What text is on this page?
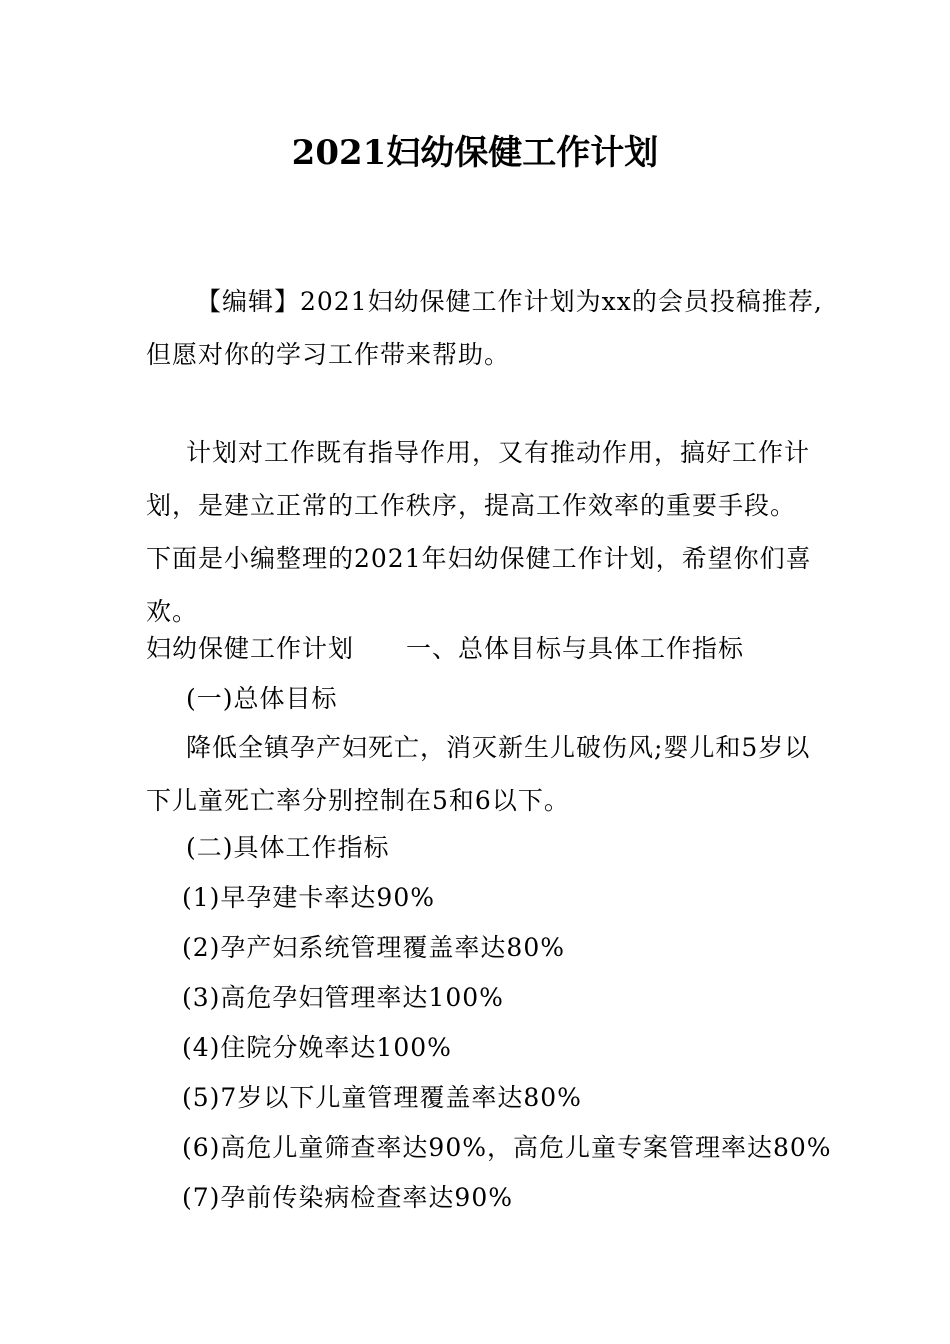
2021妇幼保健工作计划
【编辑】2021妇幼保健工作计划为xx的会员投稿推荐,
但愿对你的学习工作带来帮助。
计划对工作既有指导作用，又有推动作用，搞好工作计
划，是建立正常的工作秩序，提高工作效率的重要手段。
下面是小编整理的2021年妇幼保健工作计划，希望你们喜
欢。
妇幼保健工作计划　　一、总体目标与具体工作指标
(一)总体目标
降低全镇孕产妇死亡，消灭新生儿破伤风;婴儿和5岁以
下儿童死亡率分别控制在5和6以下。
(二)具体工作指标
(1)早孕建卡率达90%
(2)孕产妇系统管理覆盖率达80%
(3)高危孕妇管理率达100%
(4)住院分娩率达100%
(5)7岁以下儿童管理覆盖率达80%
(6)高危儿童筛查率达90%，高危儿童专案管理率达80%
(7)孕前传染病检查率达90%
